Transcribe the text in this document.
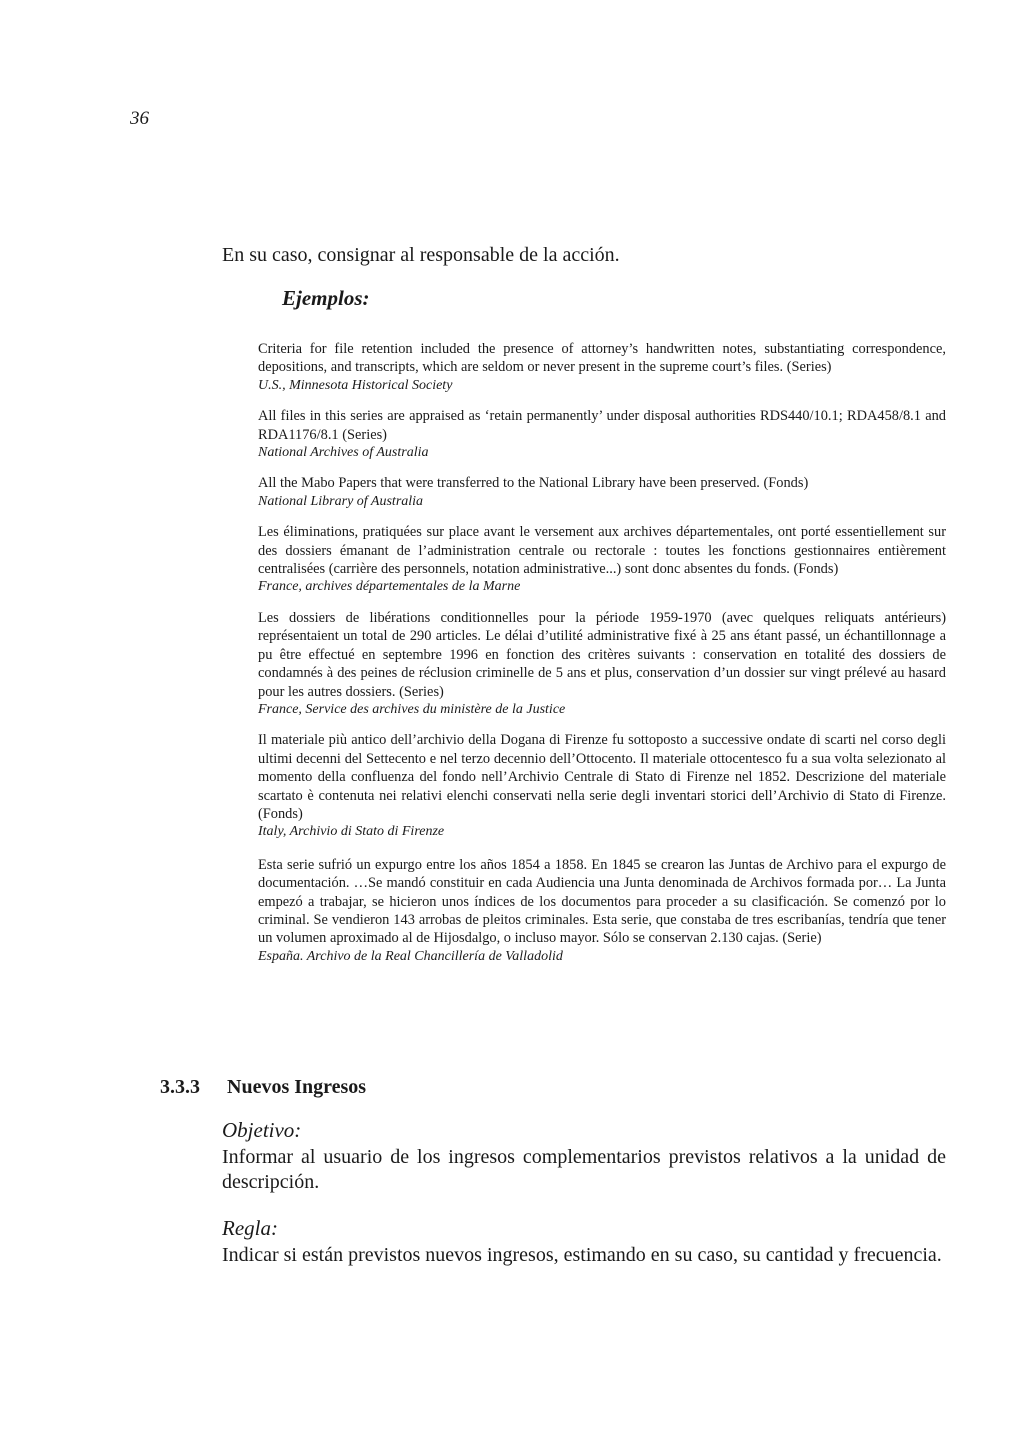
36
En su caso, consignar al responsable de la acción.
Ejemplos:
Criteria for file retention included the presence of attorney’s handwritten notes, substantiating correspondence, depositions, and transcripts, which are seldom or never present in the supreme court’s files. (Series)
U.S., Minnesota Historical Society
All files in this series are appraised as ‘retain permanently’ under disposal authorities RDS440/10.1; RDA458/8.1 and RDA1176/8.1 (Series)
National Archives of Australia
All the Mabo Papers that were transferred to the National Library have been preserved. (Fonds)
National Library of Australia
Les éliminations, pratiquées sur place avant le versement aux archives départementales, ont porté essentiellement sur des dossiers émanant de l’administration centrale ou rectorale : toutes les fonctions gestionnaires entièrement centralisées (carrière des personnels, notation administrative...) sont donc absentes du fonds. (Fonds)
France, archives départementales de la Marne
Les dossiers de libérations conditionnelles pour la période 1959-1970 (avec quelques reliquats antérieurs) représentaient un total de 290 articles. Le délai d’utilité administrative fixé à 25 ans étant passé, un échantillonnage a pu être effectué en septembre 1996 en fonction des critères suivants : conservation en totalité des dossiers de condamnés à des peines de réclusion criminelle de 5 ans et plus, conservation d’un dossier sur vingt prélevé au hasard pour les autres dossiers. (Series)
France, Service des archives du ministère de la Justice
Il materiale più antico dell’archivio della Dogana di Firenze fu sottoposto a successive ondate di scarti nel corso degli ultimi decenni del Settecento e nel terzo decennio dell’Ottocento. Il materiale ottocentesco fu a sua volta selezionato al momento della confluenza del fondo nell’Archivio Centrale di Stato di Firenze nel 1852. Descrizione del materiale scartato è contenuta nei relativi elenchi conservati nella serie degli inventari storici dell’Archivio di Stato di Firenze. (Fonds)
Italy, Archivio di Stato di Firenze
Esta serie sufrió un expurgo entre los años 1854 a 1858. En 1845 se crearon las Juntas de Archivo para el expurgo de documentación. …Se mandó constituir en cada Audiencia una Junta denominada de Archivos formada por… La Junta empezó a trabajar, se hicieron unos índices de los documentos para proceder a su clasificación. Se comenzó por lo criminal. Se vendieron 143 arrobas de pleitos criminales. Esta serie, que constaba de tres escribanías, tendría que tener un volumen aproximado al de Hijosdalgo, o incluso mayor. Sólo se conservan 2.130 cajas. (Serie)
España. Archivo de la Real Chancillería de Valladolid
3.3.3 Nuevos Ingresos
Objetivo:
Informar al usuario de los ingresos complementarios previstos relativos a la unidad de descripción.
Regla:
Indicar si están previstos nuevos ingresos, estimando en su caso, su cantidad y frecuencia.
